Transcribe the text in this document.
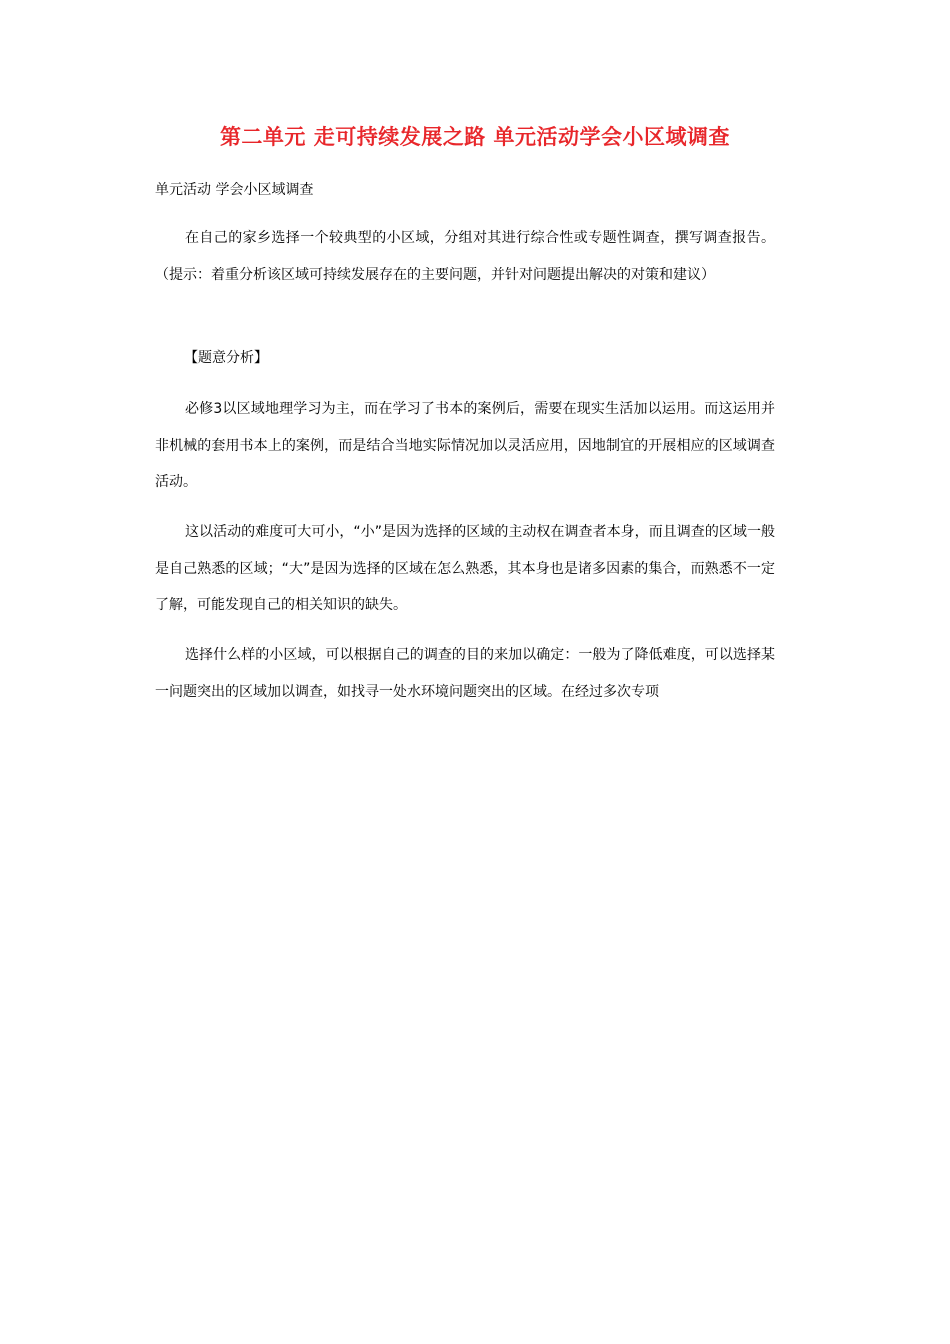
第二单元 走可持续发展之路 单元活动学会小区域调查
单元活动 学会小区域调查

在自己的家乡选择一个较典型的小区域，分组对其进行综合性或专题性调查，撰写调查报告。（提示：着重分析该区域可持续发展存在的主要问题，并针对问题提出解决的对策和建议）

【题意分析】

必修3以区域地理学习为主，而在学习了书本的案例后，需要在现实生活加以运用。而这运用并非机械的套用书本上的案例，而是结合当地实际情况加以灵活应用，因地制宜的开展相应的区域调查活动。

这以活动的难度可大可小，“小”是因为选择的区域的主动权在调查者本身，而且调查的区域一般是自己熟悉的区域；“大”是因为选择的区域在怎么熟悉，其本身也是诸多因素的集合，而熟悉不一定了解，可能发现自己的相关知识的缺失。

选择什么样的小区域，可以根据自己的调查的目的来加以确定：一般为了降低难度，可以选择某一问题突出的区域加以调查，如找寻一处水环境问题突出的区域。在经过多次专项
